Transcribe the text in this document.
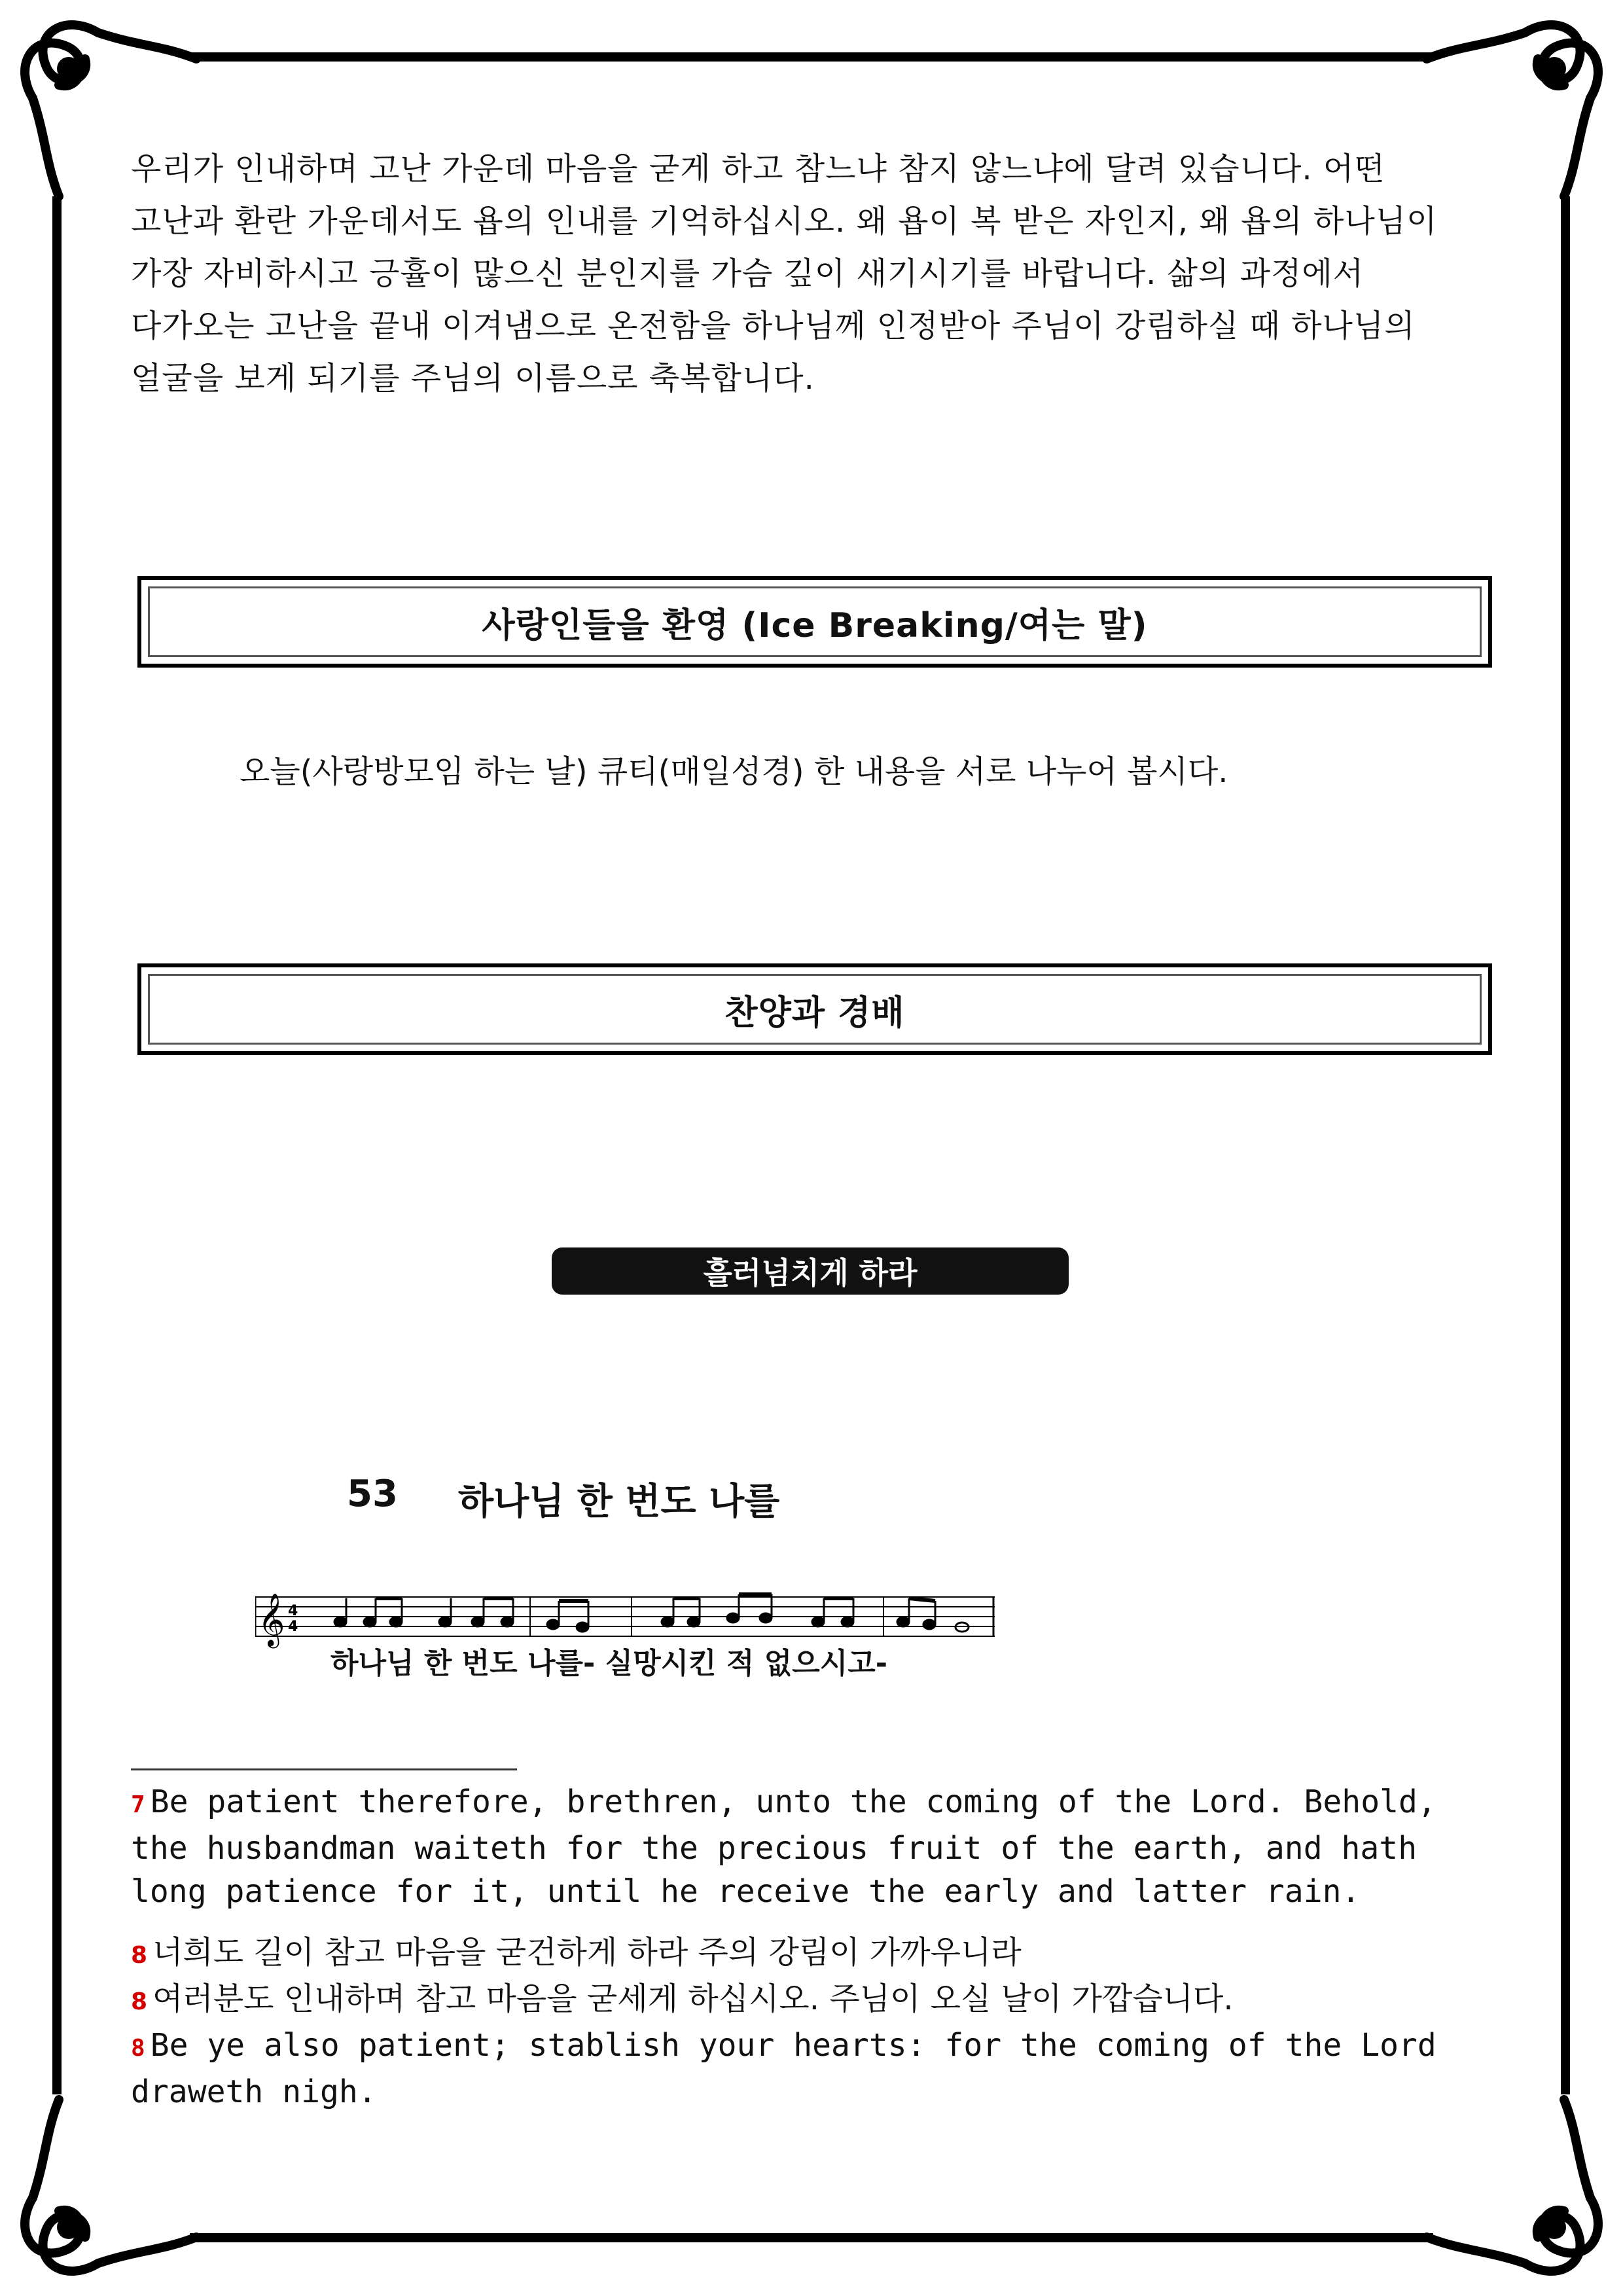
우리가 인내하며 고난 가운데 마음을 굳게 하고 참느냐 참지 않느냐에 달려 있습니다. 어떤

고난과 환란 가운데서도 욥의 인내를 기억하십시오. 왜 욥이 복 받은 자인지, 왜 욥의 하나님이

가장 자비하시고 긍휼이 많으신 분인지를 가슴 깊이 새기시기를 바랍니다. 삶의 과정에서

다가오는 고난을 끝내 이겨냄으로 온전함을 하나님께 인정받아 주님이 강림하실 때 하나님의

얼굴을 보게 되기를 주님의 이름으로 축복합니다.

사랑인들을 환영 (Ice Breaking/여는 말)
오늘(사랑방모임 하는 날) 큐티(매일성경) 한 내용을 서로 나누어 봅시다.
찬양과 경배
흘러넘치게 하라
53 하나님 한 번도 나를
𝄞 4
4
하나님 한 번도 나를- 실망시킨 적 없으시고-

7 Be patient therefore, brethren, unto the coming of the Lord. Behold, the husbandman waiteth for the precious fruit of the earth, and hath long patience for it, until he receive the early and latter rain.

8 너희도 길이 참고 마음을 굳건하게 하라 주의 강림이 가까우니라

8 여러분도 인내하며 참고 마음을 굳세게 하십시오. 주님이 오실 날이 가깝습니다.

8 Be ye also patient; stablish your hearts: for the coming of the Lord draweth nigh.
